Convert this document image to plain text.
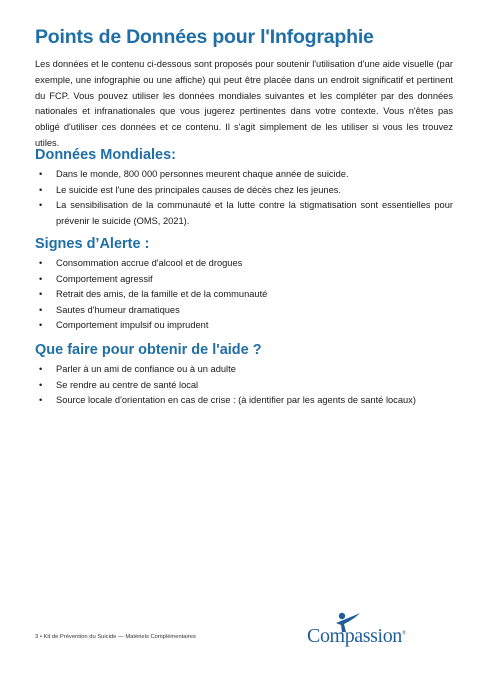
Points de Données pour l'Infographie
Les données et le contenu ci-dessous sont proposés pour soutenir l'utilisation d'une aide visuelle (par exemple, une infographie ou une affiche) qui peut être placée dans un endroit significatif et pertinent du FCP. Vous pouvez utiliser les données mondiales suivantes et les compléter par des données nationales et infranationales que vous jugerez pertinentes dans votre contexte. Vous n'êtes pas obligé d'utiliser ces données et ce contenu. Il s'agit simplement de les utiliser si vous les trouvez utiles.
Données Mondiales:
• Dans le monde, 800 000 personnes meurent chaque année de suicide.
• Le suicide est l'une des principales causes de décès chez les jeunes.
• La sensibilisation de la communauté et la lutte contre la stigmatisation sont essentielles pour prévenir le suicide (OMS, 2021).
Signes d’Alerte :
• Consommation accrue d'alcool et de drogues
• Comportement agressif
• Retrait des amis, de la famille et de la communauté
• Sautes d'humeur dramatiques
• Comportement impulsif ou imprudent
Que faire pour obtenir de l'aide ?
• Parler à un ami de confiance ou à un adulte
• Se rendre au centre de santé local
• Source locale d'orientation en cas de crise : (à identifier par les agents de santé locaux)
3 • Kit de Prévention du Suicide — Matériels Complémentaires	Compassion®
